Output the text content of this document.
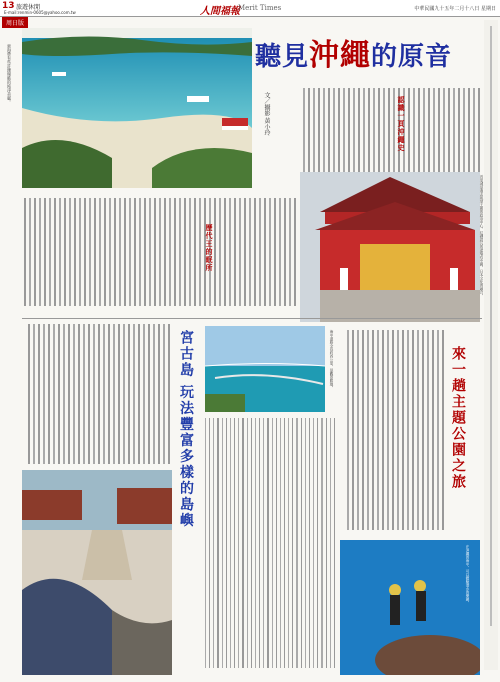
13 旅遊休閒
E-mail:renmin-0605@yahoo.com.tw	人間福報
Merit Times	中華民國九十五年二月十八日 星期日
周日版
聽見沖繩的原音
東海帶有些許珊瑚礁的純淨美麗。
文／攝影 黃小玲	認識一頁沖繩史
首里城是過去琉球王朝的政治中心，紅磚碧瓦的建築有中國，日本文化的融合。
歷代王的眠所
宮古島 玩法豐富多樣的島嶼	海中道路全長約四公里，是觀景勝地。	來一趟主題公園之旅
在沖繩的海中，可以體驗潛水的樂趣。
